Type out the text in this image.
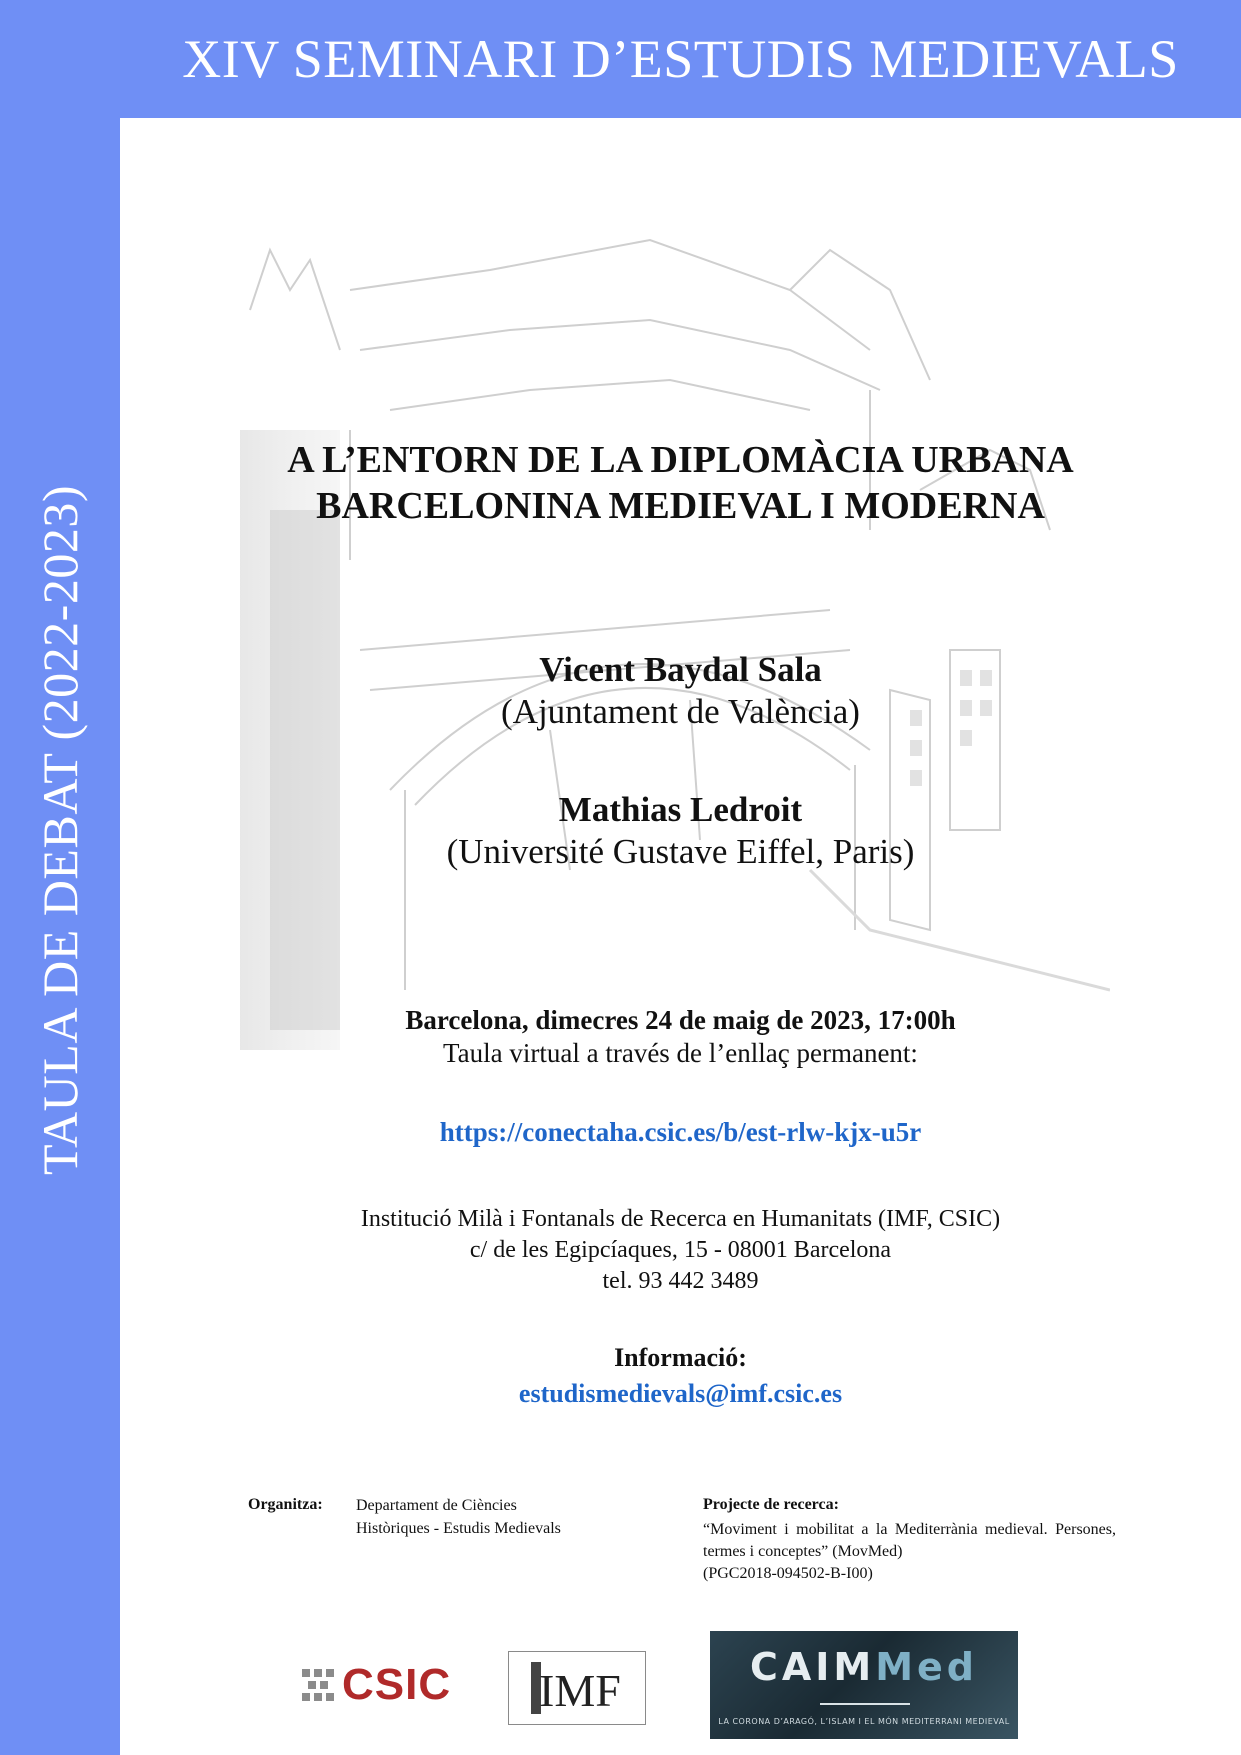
XIV SEMINARI D’ESTUDIS MEDIEVALS
TAULA DE DEBAT (2022-2023)
A L’ENTORN DE LA DIPLOMÀCIA URBANA
BARCELONINA MEDIEVAL I MODERNA
Vicent Baydal Sala
(Ajuntament de València)
Mathias Ledroit
(Université Gustave Eiffel, Paris)
Barcelona, dimecres 24 de maig de 2023, 17:00h
Taula virtual a través de l’enllaç permanent:
https://conectaha.csic.es/b/est-rlw-kjx-u5r
Institució Milà i Fontanals de Recerca en Humanitats (IMF, CSIC)
c/ de les Egipcíaques, 15 - 08001 Barcelona
tel. 93 442 3489
Informació:
estudismedievals@imf.csic.es
Organitza: Departament de Ciències
Històriques - Estudis Medievals
Projecte de recerca:
“Moviment i mobilitat a la Mediterrània medieval. Persones, termes i conceptes” (MovMed)
(PGC2018-094502-B-I00)
CSIC IMF	CAIMMed
LA CORONA D’ARAGÓ, L’ISLAM I EL MÓN MEDITERRANI MEDIEVAL
